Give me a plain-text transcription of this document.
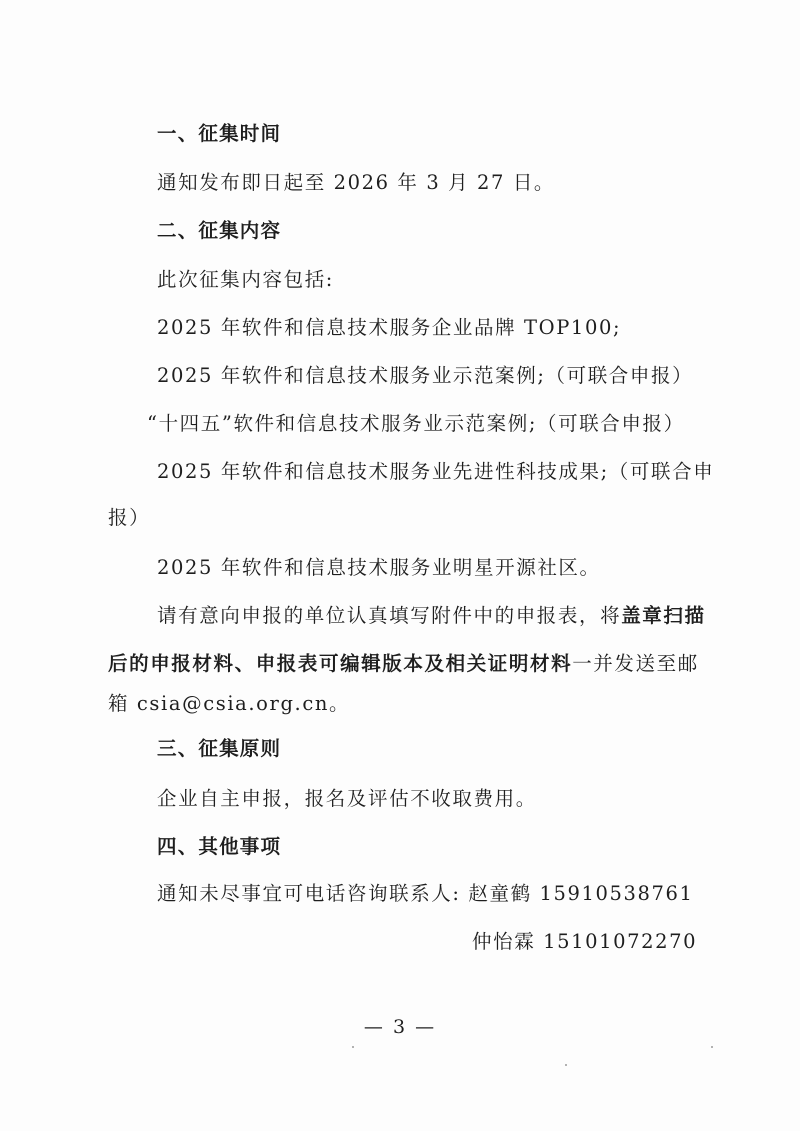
一、征集时间
通知发布即日起至 2026 年 3 月 27 日。
二、征集内容
此次征集内容包括:
2025 年软件和信息技术服务企业品牌 TOP100;
2025 年软件和信息技术服务业示范案例;（可联合申报）
“十四五”软件和信息技术服务业示范案例;（可联合申报）
2025 年软件和信息技术服务业先进性科技成果;（可联合申
报）
2025 年软件和信息技术服务业明星开源社区。
请有意向申报的单位认真填写附件中的申报表，将盖章扫描
后的申报材料、申报表可编辑版本及相关证明材料一并发送至邮
箱 csia@csia.org.cn。
三、征集原则
企业自主申报，报名及评估不收取费用。
四、其他事项
通知未尽事宜可电话咨询联系人: 赵童鹤 15910538761
仲怡霖 15101072270
— 3 —
